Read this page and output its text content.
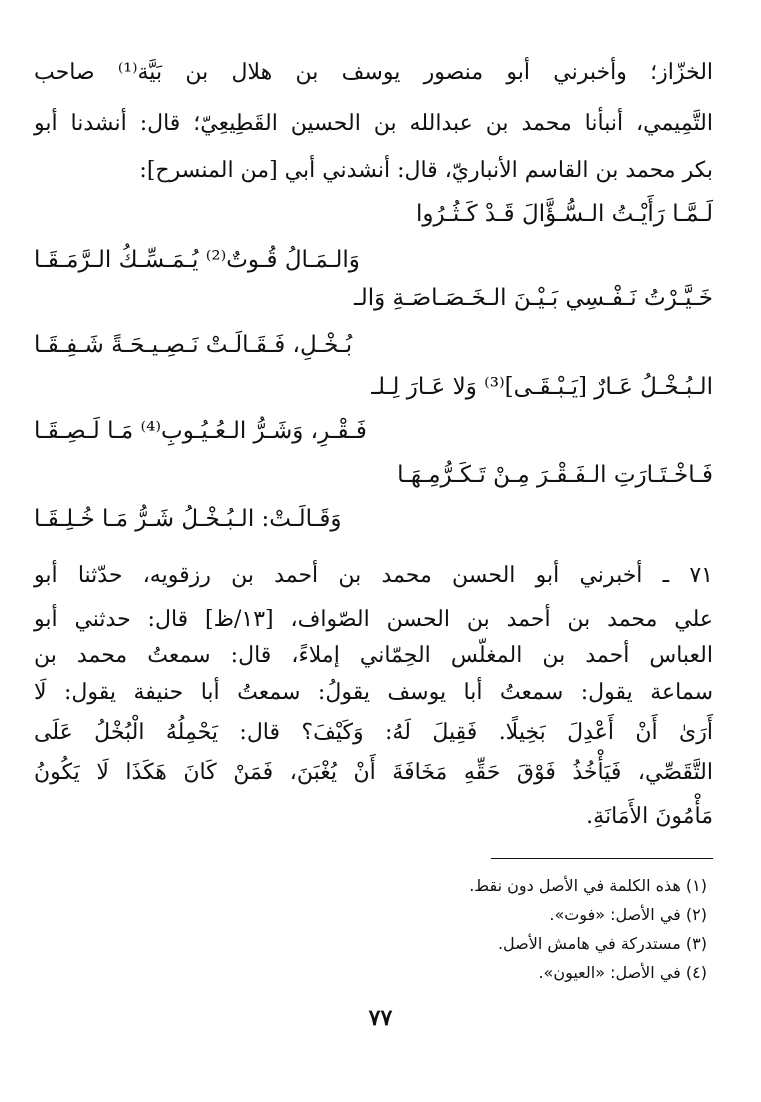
الخزّاز؛ وأخبرني أبو منصور يوسف بن هلال بن بَيَّة⁽¹⁾ صاحب
التَّمِيمي، أنبأنا محمد بن عبدالله بن الحسين القَطِيعِيّ؛ قال: أنشدنا أبو
بكر محمد بن القاسم الأنباريّ، قال: أنشدني أبي [من المنسرح]:
لَـمَّـا رَأَيْـتُ الـسُّـؤَّالَ قَـدْ كَـثُـرُوا
وَالـمَـالُ قُـوتٌ⁽²⁾ يُـمَـسِّـكُ الـرَّمَـقَـا
خَـيَّـرْتُ نَـفْـسِي بَـيْـنَ الـخَـصَـاصَـةِ وَالـ
بُـخْـلِ، فَـقَـالَـتْ نَـصِـيـحَـةً شَـفِـقَـا
الـبُـخْـلُ عَـارٌ [يَـبْـقَـى]⁽³⁾ وَلا عَـارَ لِـلـ
فَـقْـرِ، وَشَـرُّ الـعُـيُـوبِ⁽⁴⁾ مَـا لَـصِـقَـا
فَـاخْـتَـارَتِ الـفَـقْـرَ مِـنْ تَـكَـرُّمِـهَـا
وَقَـالَـتْ: الـبُـخْـلُ شَـرُّ مَـا خُـلِـقَـا
٧١ ـ أخبرني أبو الحسن محمد بن أحمد بن رزقويه، حدّثنا أبو
علي محمد بن أحمد بن الحسن الصّواف، [١٣/ظ] قال: حدثني أبو
العباس أحمد بن المغلّس الحِمّاني إملاءً، قال: سمعتُ محمد بن
سماعة يقول: سمعتُ أبا يوسف يقولُ: سمعتُ أبا حنيفة يقول: لَا
أَرَىٰ أَنْ أَعْدِلَ بَخِيلًا. فَقِيلَ لَهُ: وَكَيْفَ؟ قال: يَحْمِلُهُ الْبُخْلُ عَلَى
التَّقَصِّي، فَيَأْخُذُ فَوْقَ حَقِّهِ مَخَافَةَ أَنْ يُغْبَنَ، فَمَنْ كَانَ هَكَذَا لَا يَكُونُ
مَأْمُونَ الأَمَانَةِ.
(١) هذه الكلمة في الأصل دون نقط.
(٢) في الأصل: «فوت».
(٣) مستدركة في هامش الأصل.
(٤) في الأصل: «العيون».
٧٧
